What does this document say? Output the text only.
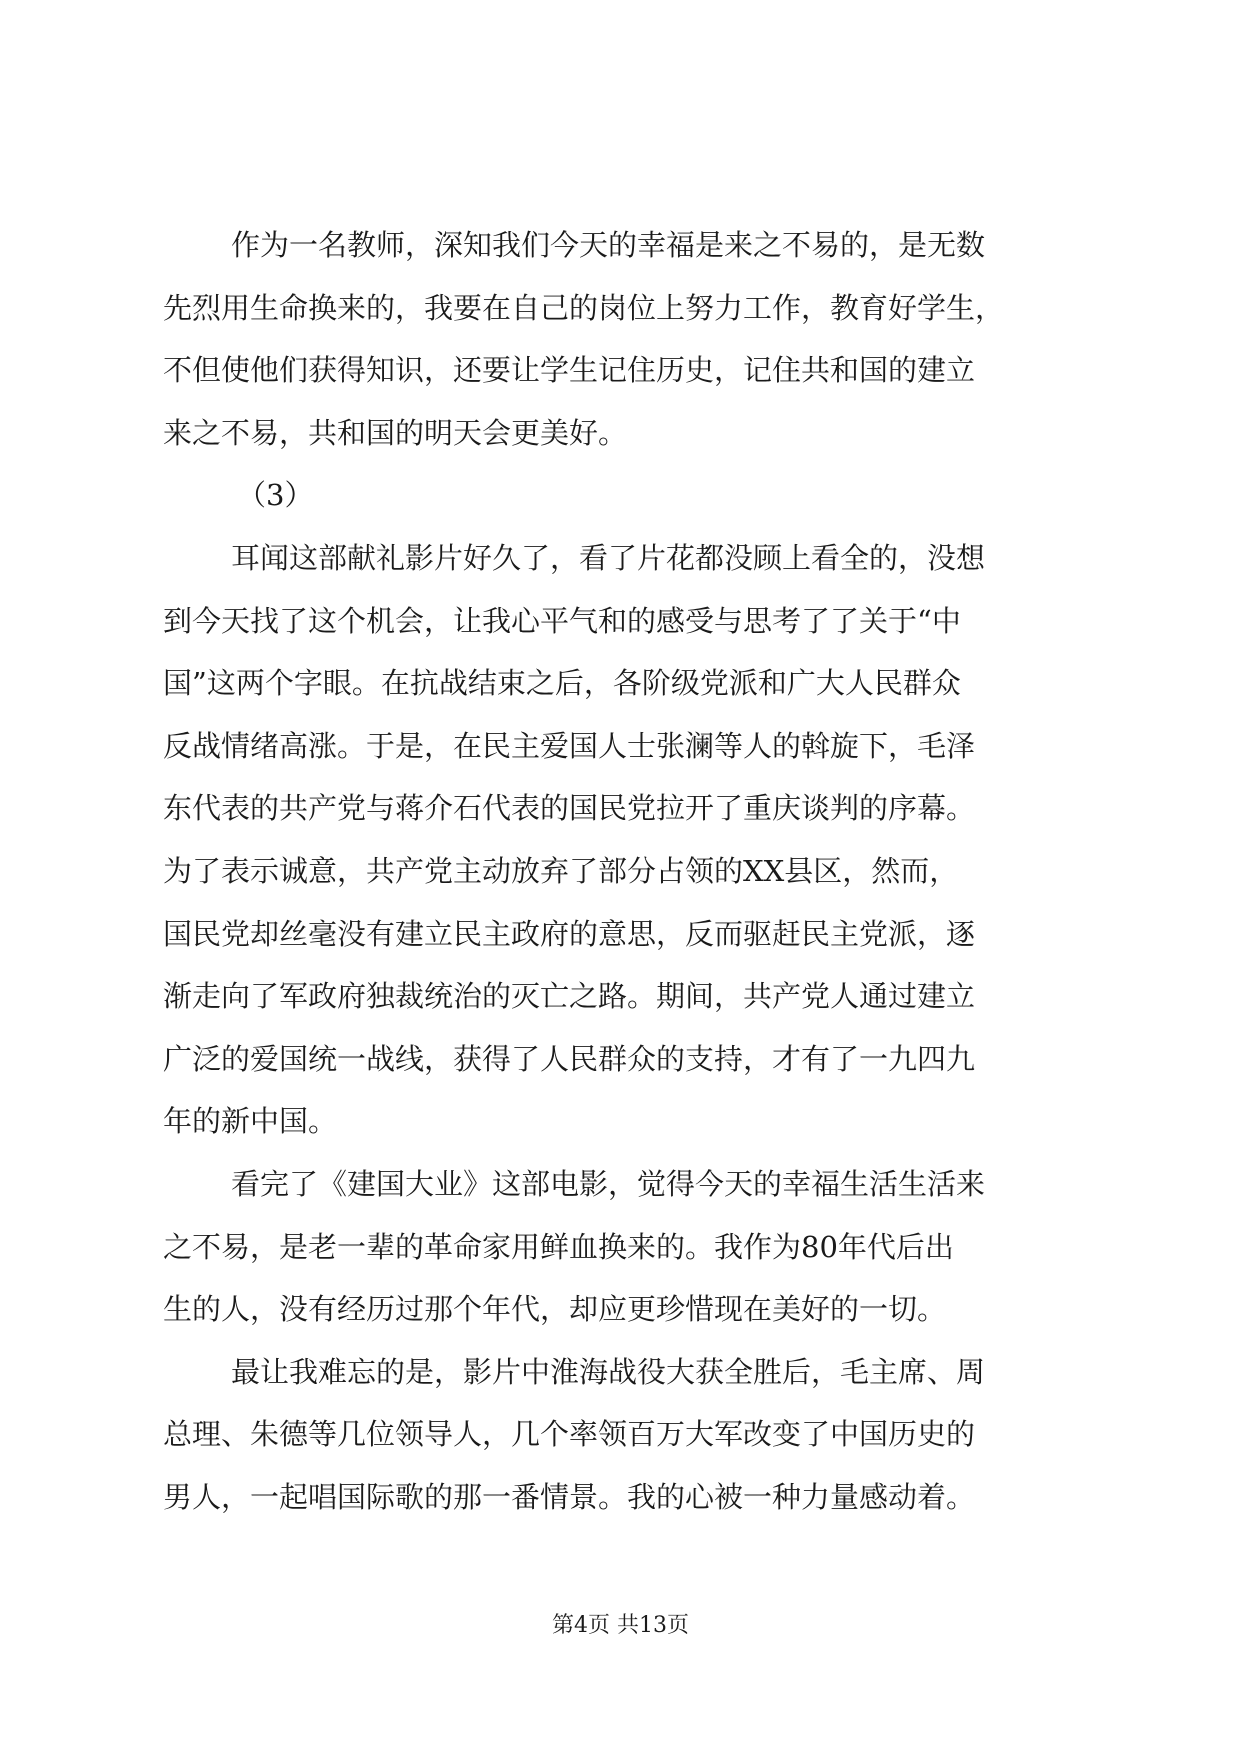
作为一名教师，深知我们今天的幸福是来之不易的，是无数
先烈用生命换来的，我要在自己的岗位上努力工作，教育好学生，
不但使他们获得知识，还要让学生记住历史，记住共和国的建立
来之不易，共和国的明天会更美好。
（3）
耳闻这部献礼影片好久了，看了片花都没顾上看全的，没想
到今天找了这个机会，让我心平气和的感受与思考了了关于“中
国”这两个字眼。在抗战结束之后，各阶级党派和广大人民群众
反战情绪高涨。于是，在民主爱国人士张澜等人的斡旋下，毛泽
东代表的共产党与蒋介石代表的国民党拉开了重庆谈判的序幕。
为了表示诚意，共产党主动放弃了部分占领的XX县区，然而，
国民党却丝毫没有建立民主政府的意思，反而驱赶民主党派，逐
渐走向了军政府独裁统治的灭亡之路。期间，共产党人通过建立
广泛的爱国统一战线，获得了人民群众的支持，才有了一九四九
年的新中国。
看完了《建国大业》这部电影，觉得今天的幸福生活生活来
之不易，是老一辈的革命家用鲜血换来的。我作为80年代后出
生的人，没有经历过那个年代，却应更珍惜现在美好的一切。
最让我难忘的是，影片中淮海战役大获全胜后，毛主席、周
总理、朱德等几位领导人，几个率领百万大军改变了中国历史的
男人，一起唱国际歌的那一番情景。我的心被一种力量感动着。
第4页 共13页
